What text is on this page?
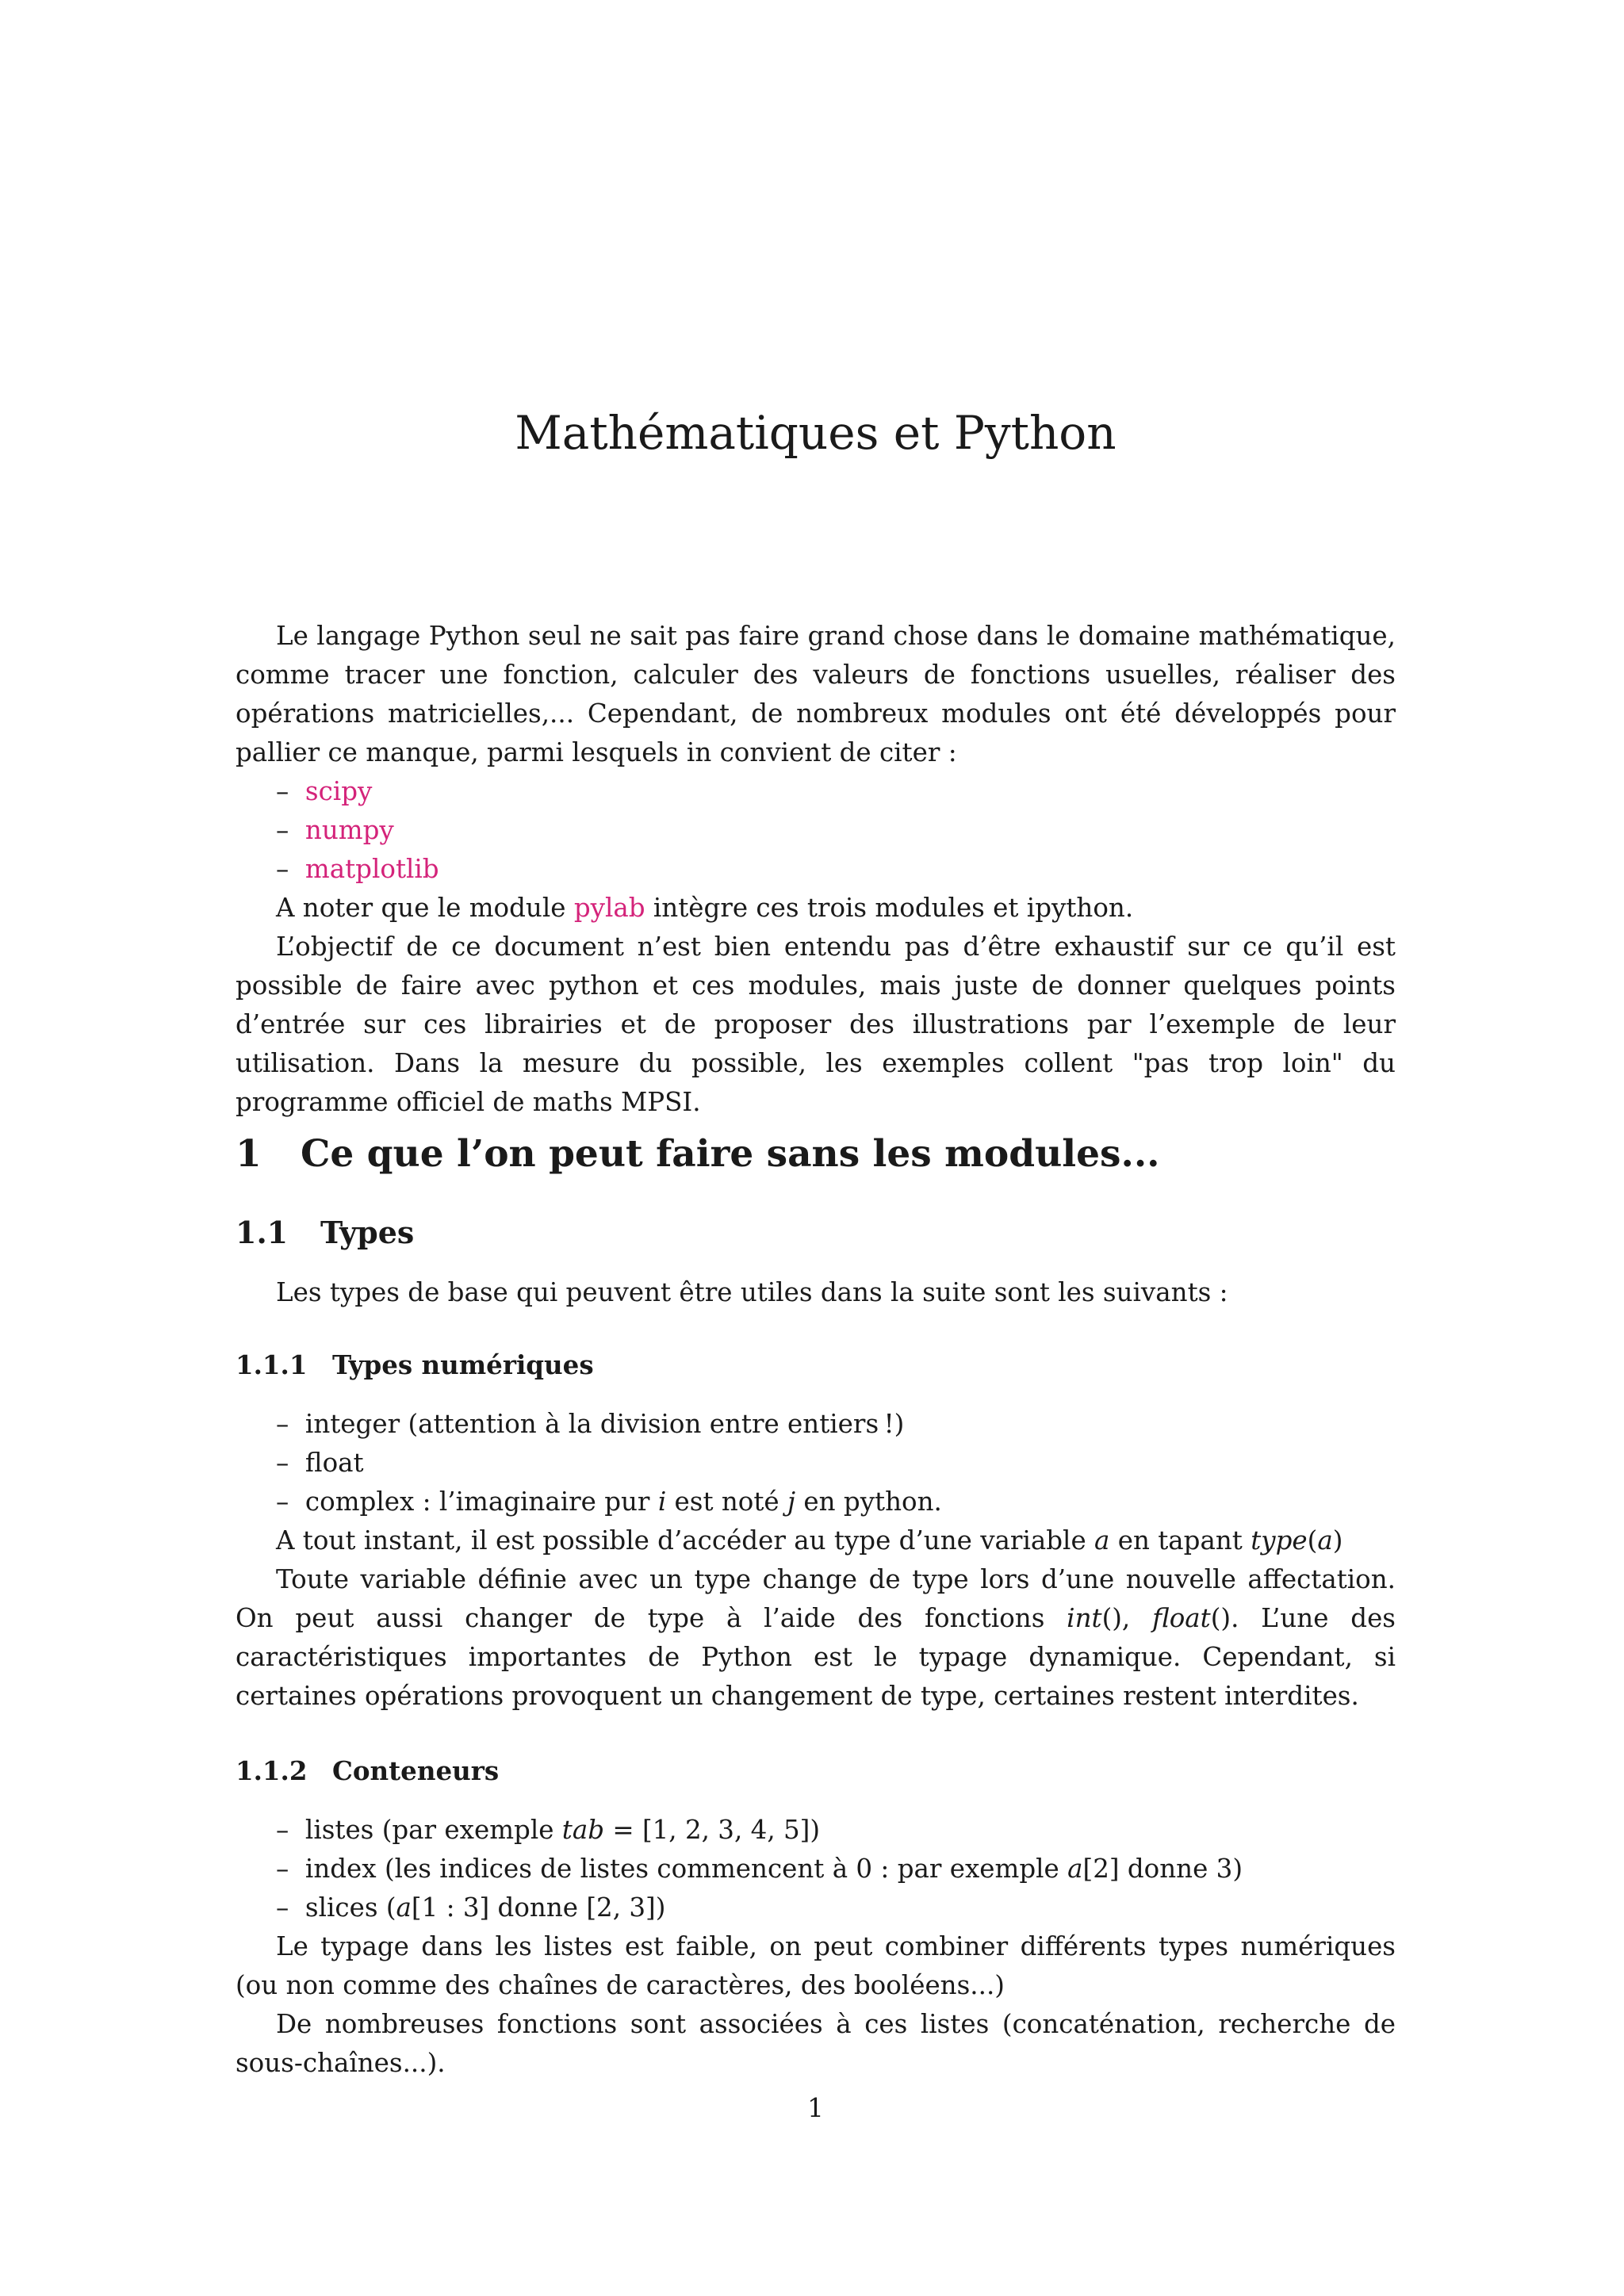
Mathématiques et Python

Le langage Python seul ne sait pas faire grand chose dans le domaine mathématique, comme tracer une fonction, calculer des valeurs de fonctions usuelles, réaliser des opérations matricielles,... Cependant, de nombreux modules ont été développés pour pallier ce manque, parmi lesquels in convient de citer :

–  scipy
–  numpy
–  matplotlib

A noter que le module pylab intègre ces trois modules et ipython.

L’objectif de ce document n’est bien entendu pas d’être exhaustif sur ce qu’il est possible de faire avec python et ces modules, mais juste de donner quelques points d’entrée sur ces librairies et de proposer des illustrations par l’exemple de leur utilisation. Dans la mesure du possible, les exemples collent "pas trop loin" du programme officiel de maths MPSI.

1 Ce que l’on peut faire sans les modules...
1.1 Types

Les types de base qui peuvent être utiles dans la suite sont les suivants :

1.1.1 Types numériques
–  integer (attention à la division entre entiers !)
–  float
–  complex : l’imaginaire pur i est noté j en python.

A tout instant, il est possible d’accéder au type d’une variable a en tapant type(a)

Toute variable définie avec un type change de type lors d’une nouvelle affectation. On peut aussi changer de type à l’aide des fonctions int(), float(). L’une des caractéristiques importantes de Python est le typage dynamique. Cependant, si certaines opérations provoquent un changement de type, certaines restent interdites.

1.1.2 Conteneurs
–  listes (par exemple tab = [1, 2, 3, 4, 5])
–  index (les indices de listes commencent à 0 : par exemple a[2] donne 3)
–  slices (a[1 : 3] donne [2, 3])

Le typage dans les listes est faible, on peut combiner différents types numériques (ou non comme des chaînes de caractères, des booléens...)

De nombreuses fonctions sont associées à ces listes (concaténation, recherche de sous-chaînes...).

1
